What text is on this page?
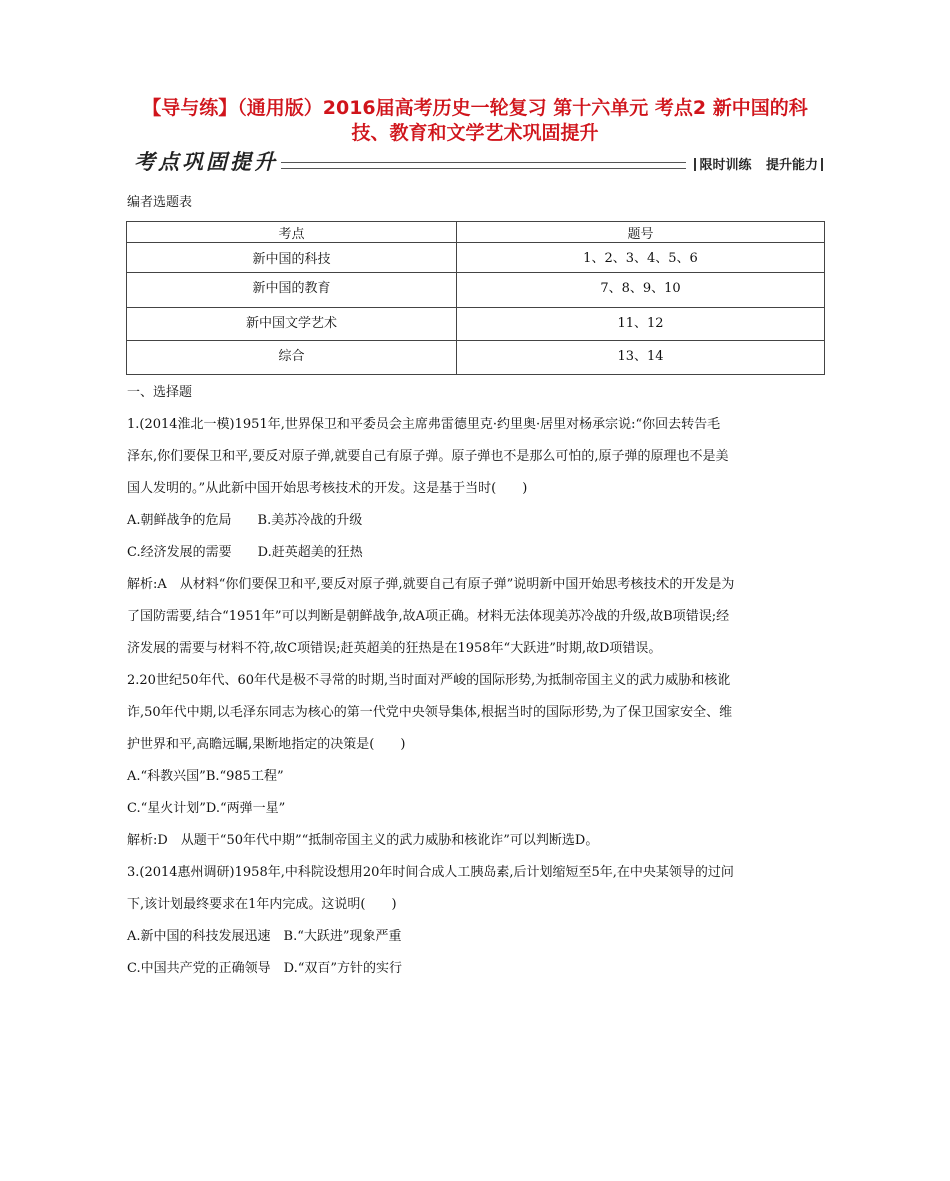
【导与练】（通用版）2016届高考历史一轮复习 第十六单元 考点2 新中国的科
技、教育和文学艺术巩固提升
考点巩固提升	限时训练 提升能力
编者选题表
考点	题号
新中国的科技	1、2、3、4、5、6
新中国的教育	7、8、9、10
新中国文学艺术	11、12
综合	13、14
一、选择题

1.(2014淮北一模)1951年,世界保卫和平委员会主席弗雷德里克·约里奥·居里对杨承宗说:“你回去转告毛

泽东,你们要保卫和平,要反对原子弹,就要自己有原子弹。原子弹也不是那么可怕的,原子弹的原理也不是美

国人发明的。”从此新中国开始思考核技术的开发。这是基于当时(　　)

A.朝鲜战争的危局　　B.美苏冷战的升级

C.经济发展的需要　　D.赶英超美的狂热

解析:A　从材料“你们要保卫和平,要反对原子弹,就要自己有原子弹”说明新中国开始思考核技术的开发是为

了国防需要,结合“1951年”可以判断是朝鲜战争,故A项正确。材料无法体现美苏冷战的升级,故B项错误;经

济发展的需要与材料不符,故C项错误;赶英超美的狂热是在1958年“大跃进”时期,故D项错误。

2.20世纪50年代、60年代是极不寻常的时期,当时面对严峻的国际形势,为抵制帝国主义的武力威胁和核讹

诈,50年代中期,以毛泽东同志为核心的第一代党中央领导集体,根据当时的国际形势,为了保卫国家安全、维

护世界和平,高瞻远瞩,果断地指定的决策是(　　)

A.“科教兴国”B.“985工程”

C.“星火计划”D.“两弹一星”

解析:D　从题干“50年代中期”“抵制帝国主义的武力威胁和核讹诈”可以判断选D。

3.(2014惠州调研)1958年,中科院设想用20年时间合成人工胰岛素,后计划缩短至5年,在中央某领导的过问

下,该计划最终要求在1年内完成。这说明(　　)

A.新中国的科技发展迅速　B.“大跃进”现象严重

C.中国共产党的正确领导　D.“双百”方针的实行
